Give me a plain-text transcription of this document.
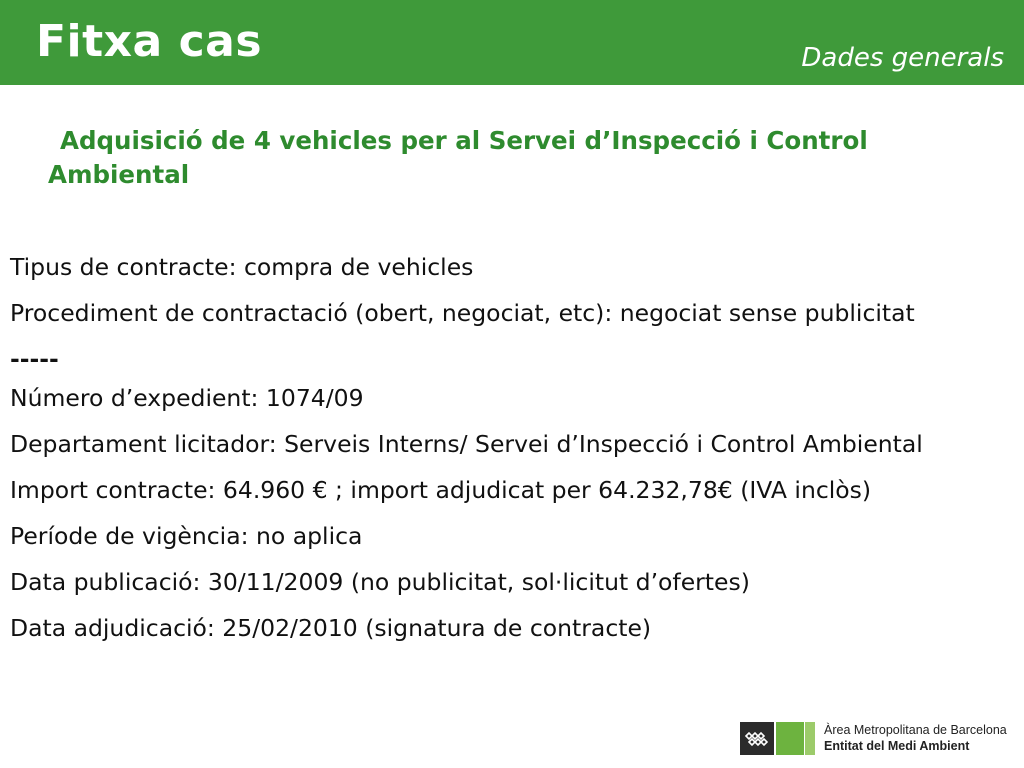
Fitxa cas	Dades generals
Adquisició de 4 vehicles per al Servei d’Inspecció i Control
Ambiental
Tipus de contracte: compra de vehicles
Procediment de contractació (obert, negociat, etc): negociat sense publicitat
-----
Número d’expedient: 1074/09
Departament licitador: Serveis Interns/ Servei d’Inspecció i Control Ambiental
Import contracte: 64.960 € ; import adjudicat per 64.232,78€ (IVA inclòs)
Període de vigència: no aplica
Data publicació: 30/11/2009 (no publicitat, sol·licitut d’ofertes)
Data adjudicació: 25/02/2010 (signatura de contracte)
Àrea Metropolitana de Barcelona
Entitat del Medi Ambient
